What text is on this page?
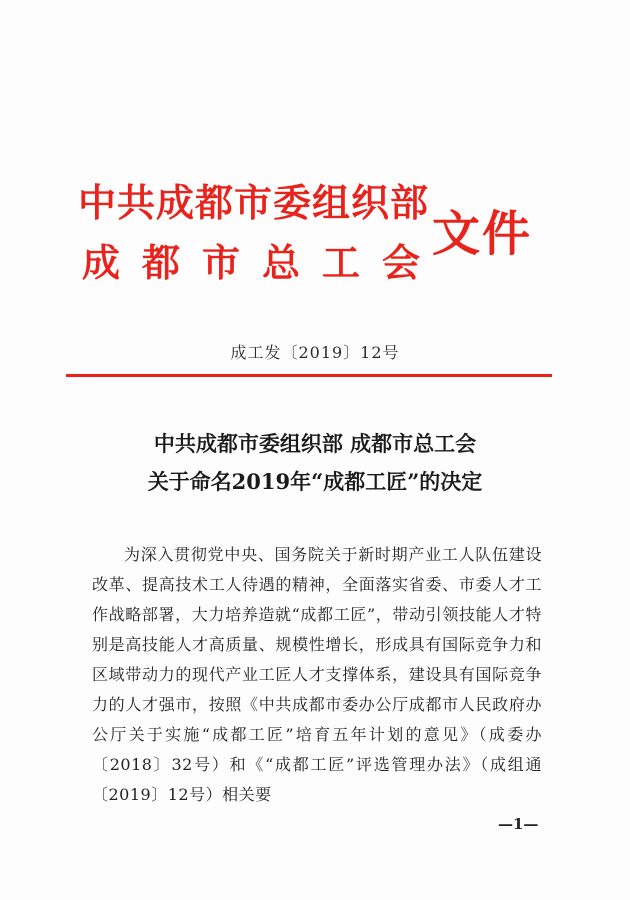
中共成都市委组织部
成都市总工会
文件
成工发〔2019〕12号
中共成都市委组织部 成都市总工会
关于命名2019年“成都工匠”的决定
为深入贯彻党中央、国务院关于新时期产业工人队伍建设改革、提高技术工人待遇的精神，全面落实省委、市委人才工作战略部署，大力培养造就“成都工匠”，带动引领技能人才特别是高技能人才高质量、规模性增长，形成具有国际竞争力和区域带动力的现代产业工匠人才支撑体系，建设具有国际竞争力的人才强市，按照《中共成都市委办公厅成都市人民政府办公厅关于实施“成都工匠”培育五年计划的意见》（成委办〔2018〕32号）和《“成都工匠”评选管理办法》（成组通〔2019〕12号）相关要
—1—
